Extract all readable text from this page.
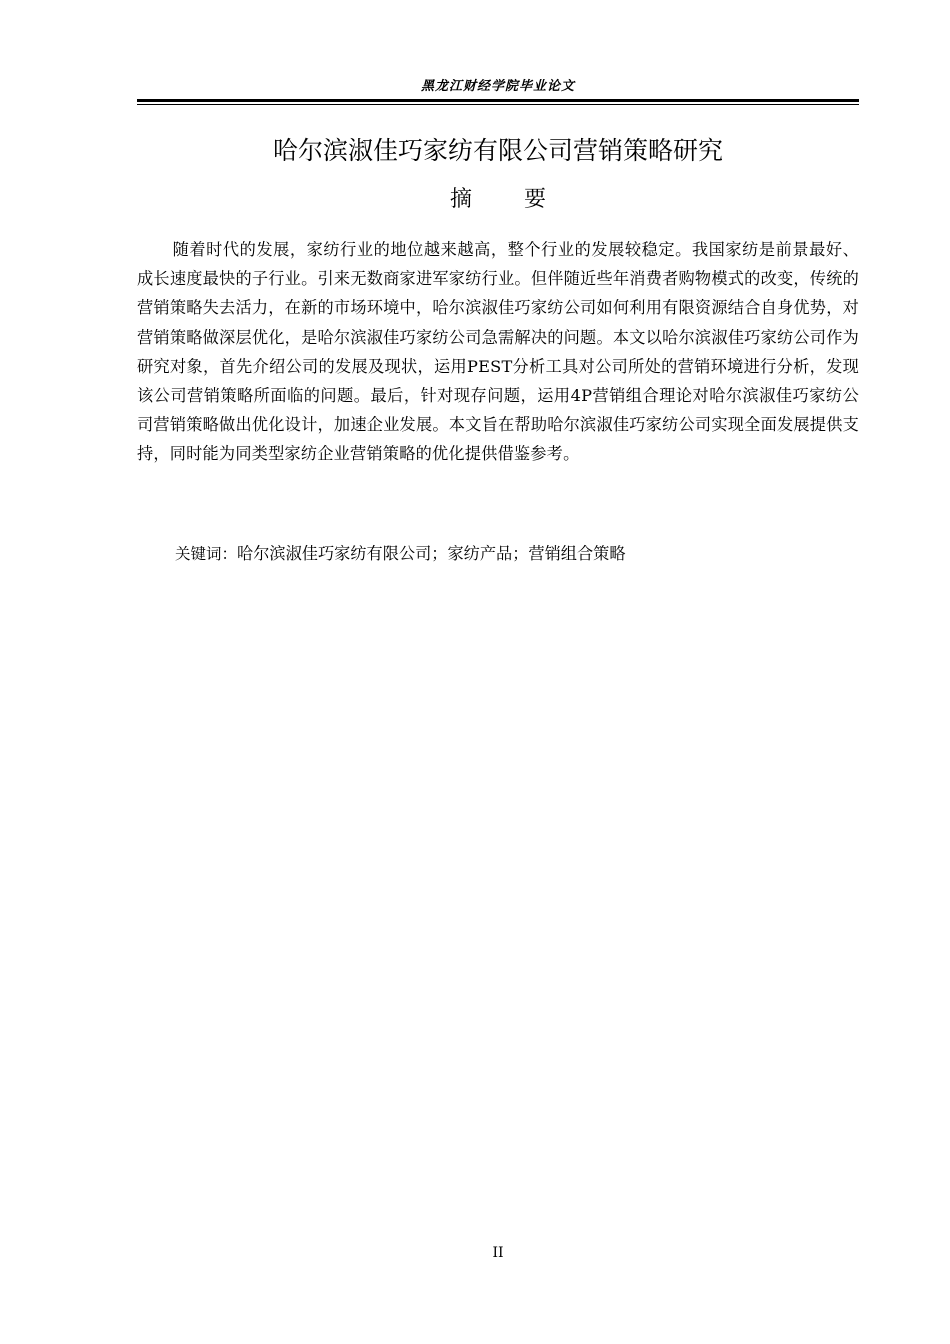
黑龙江财经学院毕业论文
哈尔滨淑佳巧家纺有限公司营销策略研究
摘 要

随着时代的发展，家纺行业的地位越来越高，整个行业的发展较稳定。我国家纺是前景最好、成长速度最快的子行业。引来无数商家进军家纺行业。但伴随近些年消费者购物模式的改变，传统的营销策略失去活力，在新的市场环境中，哈尔滨淑佳巧家纺公司如何利用有限资源结合自身优势，对营销策略做深层优化，是哈尔滨淑佳巧家纺公司急需解决的问题。本文以哈尔滨淑佳巧家纺公司作为研究对象，首先介绍公司的发展及现状，运用PEST分析工具对公司所处的营销环境进行分析，发现该公司营销策略所面临的问题。最后，针对现存问题，运用4P营销组合理论对哈尔滨淑佳巧家纺公司营销策略做出优化设计，加速企业发展。本文旨在帮助哈尔滨淑佳巧家纺公司实现全面发展提供支持，同时能为同类型家纺企业营销策略的优化提供借鉴参考。

关键词：哈尔滨淑佳巧家纺有限公司；家纺产品；营销组合策略

II
